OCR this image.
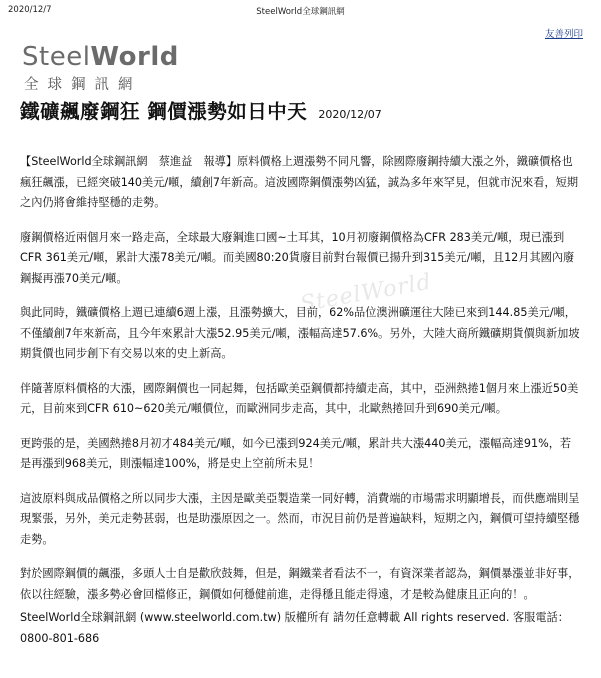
2020/12/7	SteelWorld全球鋼訊網
友善列印
SteelWorld
全球鋼訊網
鐵礦飆廢鋼狂 鋼價漲勢如日中天 2020/12/07
SteelWorld

【SteelWorld全球鋼訊網　蔡進益　報導】原料價格上週漲勢不同凡響，除國際廢鋼持續大漲之外，鐵礦價格也瘋狂飆漲，已經突破140美元/噸，續創7年新高。這波國際鋼價漲勢凶猛，誠為多年來罕見，但就市況來看，短期之內仍將會維持堅穩的走勢。

廢鋼價格近兩個月來一路走高，全球最大廢鋼進口國~土耳其，10月初廢鋼價格為CFR 283美元/噸，現已漲到CFR 361美元/噸，累計大漲78美元/噸。而美國80:20貨廢目前對台報價已揚升到315美元/噸，且12月其國內廢鋼擬再漲70美元/噸。

與此同時，鐵礦價格上週已連續6週上漲，且漲勢擴大，目前，62%品位澳洲礦運往大陸已來到144.85美元/噸，不僅續創7年來新高，且今年來累計大漲52.95美元/噸，漲幅高達57.6%。另外，大陸大商所鐵礦期貨價與新加坡期貨價也同步創下有交易以來的史上新高。

伴隨著原料價格的大漲，國際鋼價也一同起舞，包括歐美亞鋼價都持續走高，其中，亞洲熱捲1個月來上漲近50美元，目前來到CFR 610~620美元/噸價位，而歐洲同步走高，其中，北歐熱捲回升到690美元/噸。

更跨張的是，美國熱捲8月初才484美元/噸，如今已漲到924美元/噸，累計共大漲440美元，漲幅高達91%，若是再漲到968美元，則漲幅達100%，將是史上空前所未見！

這波原料與成品價格之所以同步大漲，主因是歐美亞製造業一同好轉，消費端的市場需求明顯增長，而供應端則呈現緊張，另外，美元走勢甚弱，也是助漲原因之一。然而，市況目前仍是普遍缺料，短期之內，鋼價可望持續堅穩走勢。

對於國際鋼價的飆漲，多頭人士自是歡欣鼓舞，但是，鋼鐵業者看法不一，有資深業者認為，鋼價暴漲並非好事，依以往經驗，漲多勢必會回檔修正，鋼價如何穩健前進，走得穩且能走得遠，才是較為健康且正向的！。

SteelWorld全球鋼訊網 (www.steelworld.com.tw) 版權所有 請勿任意轉載 All rights reserved. 客服電話：
0800-801-686
